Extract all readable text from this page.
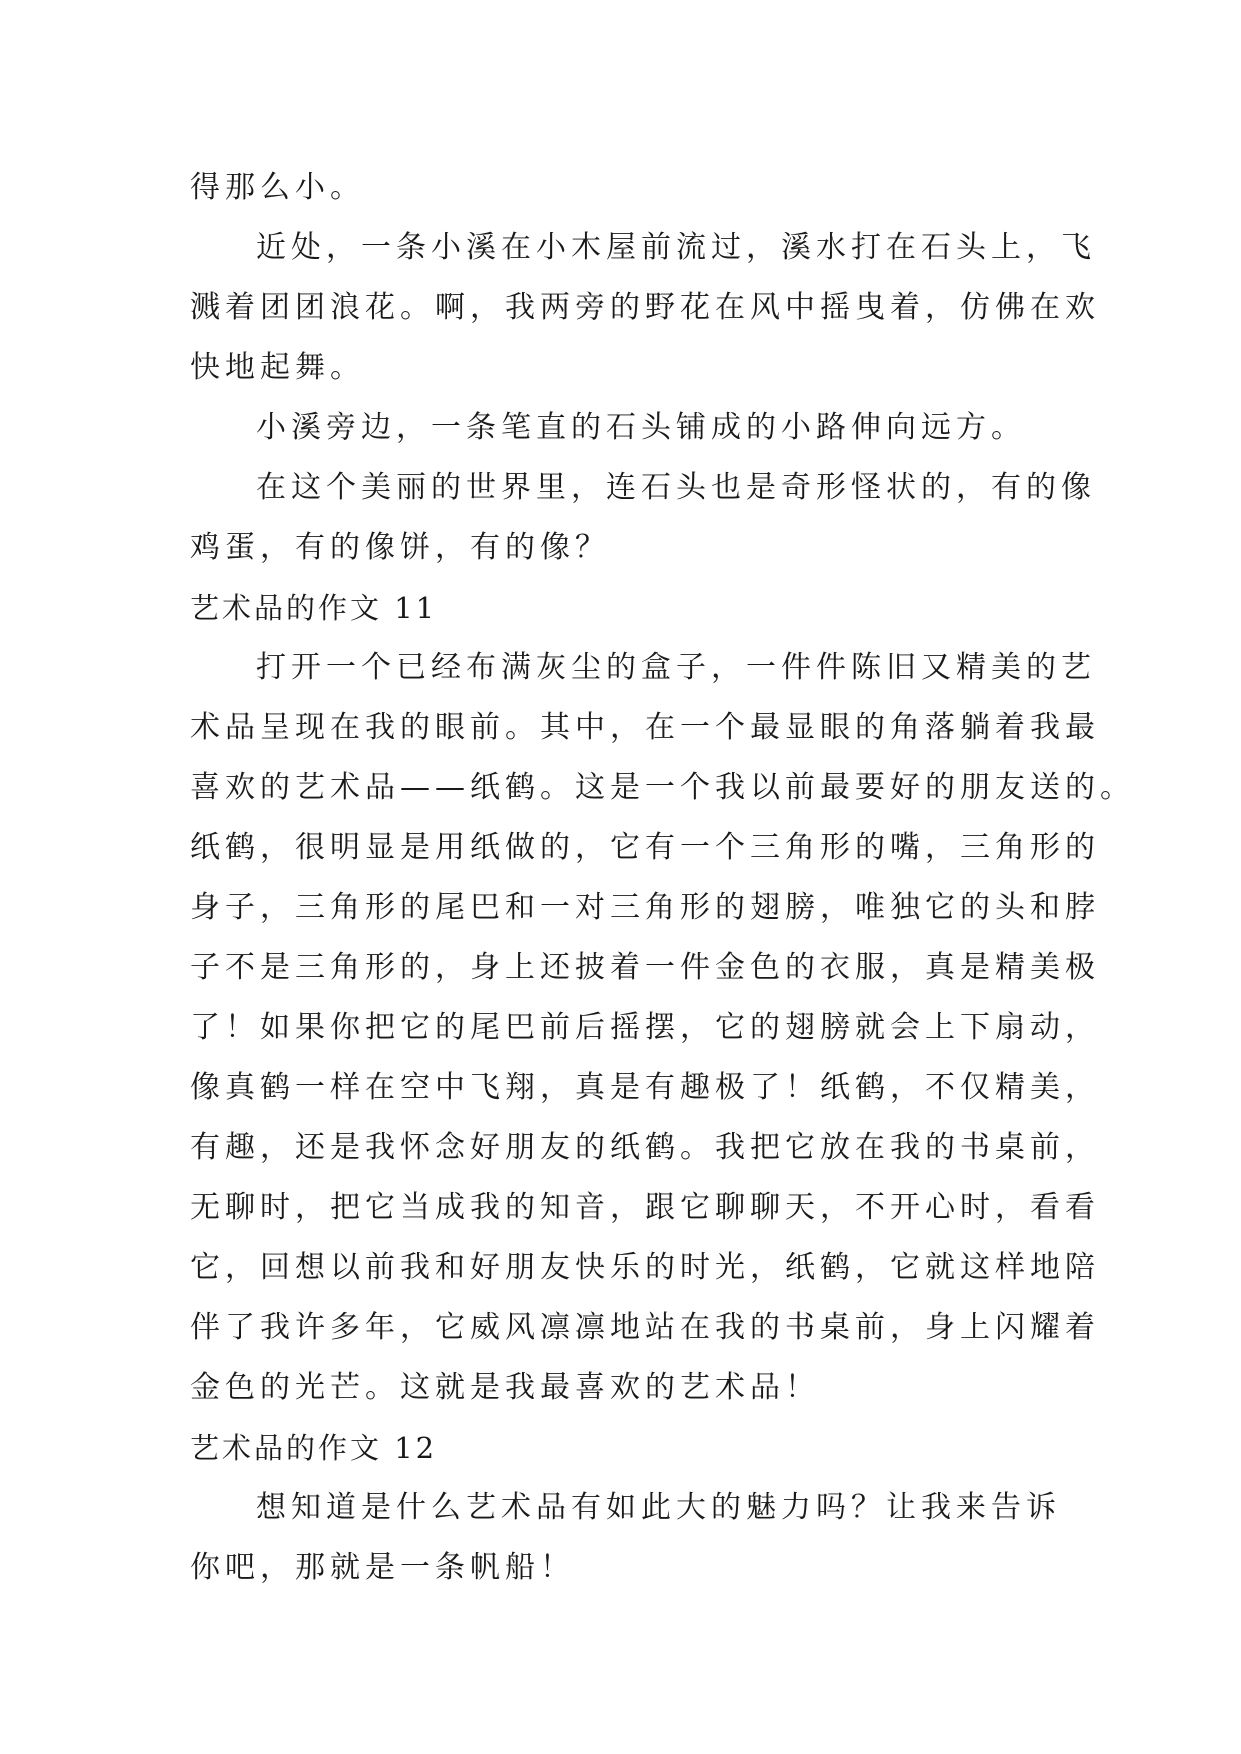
得那么小。
近处，一条小溪在小木屋前流过，溪水打在石头上，飞
溅着团团浪花。啊，我两旁的野花在风中摇曳着，仿佛在欢
快地起舞。
小溪旁边，一条笔直的石头铺成的小路伸向远方。
在这个美丽的世界里，连石头也是奇形怪状的，有的像
鸡蛋，有的像饼，有的像？
艺术品的作文 11
打开一个已经布满灰尘的盒子，一件件陈旧又精美的艺
术品呈现在我的眼前。其中，在一个最显眼的角落躺着我最
喜欢的艺术品——纸鹤。这是一个我以前最要好的朋友送的。
纸鹤，很明显是用纸做的，它有一个三角形的嘴，三角形的
身子，三角形的尾巴和一对三角形的翅膀，唯独它的头和脖
子不是三角形的，身上还披着一件金色的衣服，真是精美极
了！如果你把它的尾巴前后摇摆，它的翅膀就会上下扇动，
像真鹤一样在空中飞翔，真是有趣极了！纸鹤，不仅精美，
有趣，还是我怀念好朋友的纸鹤。我把它放在我的书桌前，
无聊时，把它当成我的知音，跟它聊聊天，不开心时，看看
它，回想以前我和好朋友快乐的时光，纸鹤，它就这样地陪
伴了我许多年，它威风凛凛地站在我的书桌前，身上闪耀着
金色的光芒。这就是我最喜欢的艺术品！
艺术品的作文 12
想知道是什么艺术品有如此大的魅力吗？让我来告诉
你吧，那就是一条帆船！
